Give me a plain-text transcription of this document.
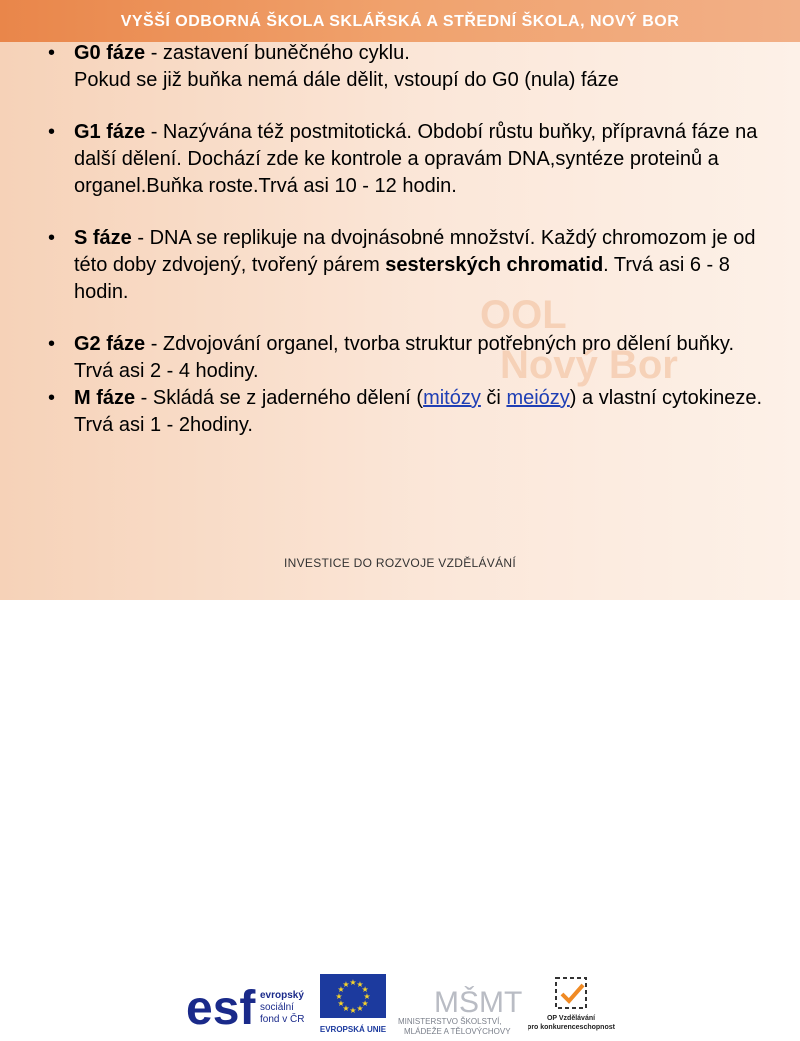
VYŠŠÍ ODBORNÁ ŠKOLA SKLÁŘSKÁ A STŘEDNÍ ŠKOLA, NOVÝ BOR
OOL
Nový Bor
• G0 fáze - zastavení buněčného cyklu.
Pokud se již buňka nemá dále dělit, vstoupí do G0 (nula) fáze
• G1 fáze - Nazývána též postmitotická. Období růstu buňky, přípravná fáze na další dělení. Dochází zde ke kontrole a opravám DNA,syntéze proteinů a organel.Buňka roste.Trvá asi 10 - 12 hodin.
• S fáze - DNA se replikuje na dvojnásobné množství. Každý chromozom je od této doby zdvojený, tvořený párem sesterských chromatid. Trvá asi 6 - 8 hodin.
• G2 fáze - Zdvojování organel, tvorba struktur potřebných pro dělení buňky. Trvá asi 2 - 4 hodiny.
• M fáze - Skládá se z jaderného dělení (mitózy či meiózy) a vlastní cytokineze. Trvá asi 1 - 2hodiny.
esf evropský
sociální
fond v ČR
★ ★
★
★
★
★
★
★
★
★
★
★
EVROPSKÁ UNIE
MŠMT
MINISTERSTVO ŠKOLSTVÍ,
MLÁDEŽE A TĚLOVÝCHOVY
OP Vzdělávání
pro konkurenceschopnost
INVESTICE DO ROZVOJE VZDĚLÁVÁNÍ
